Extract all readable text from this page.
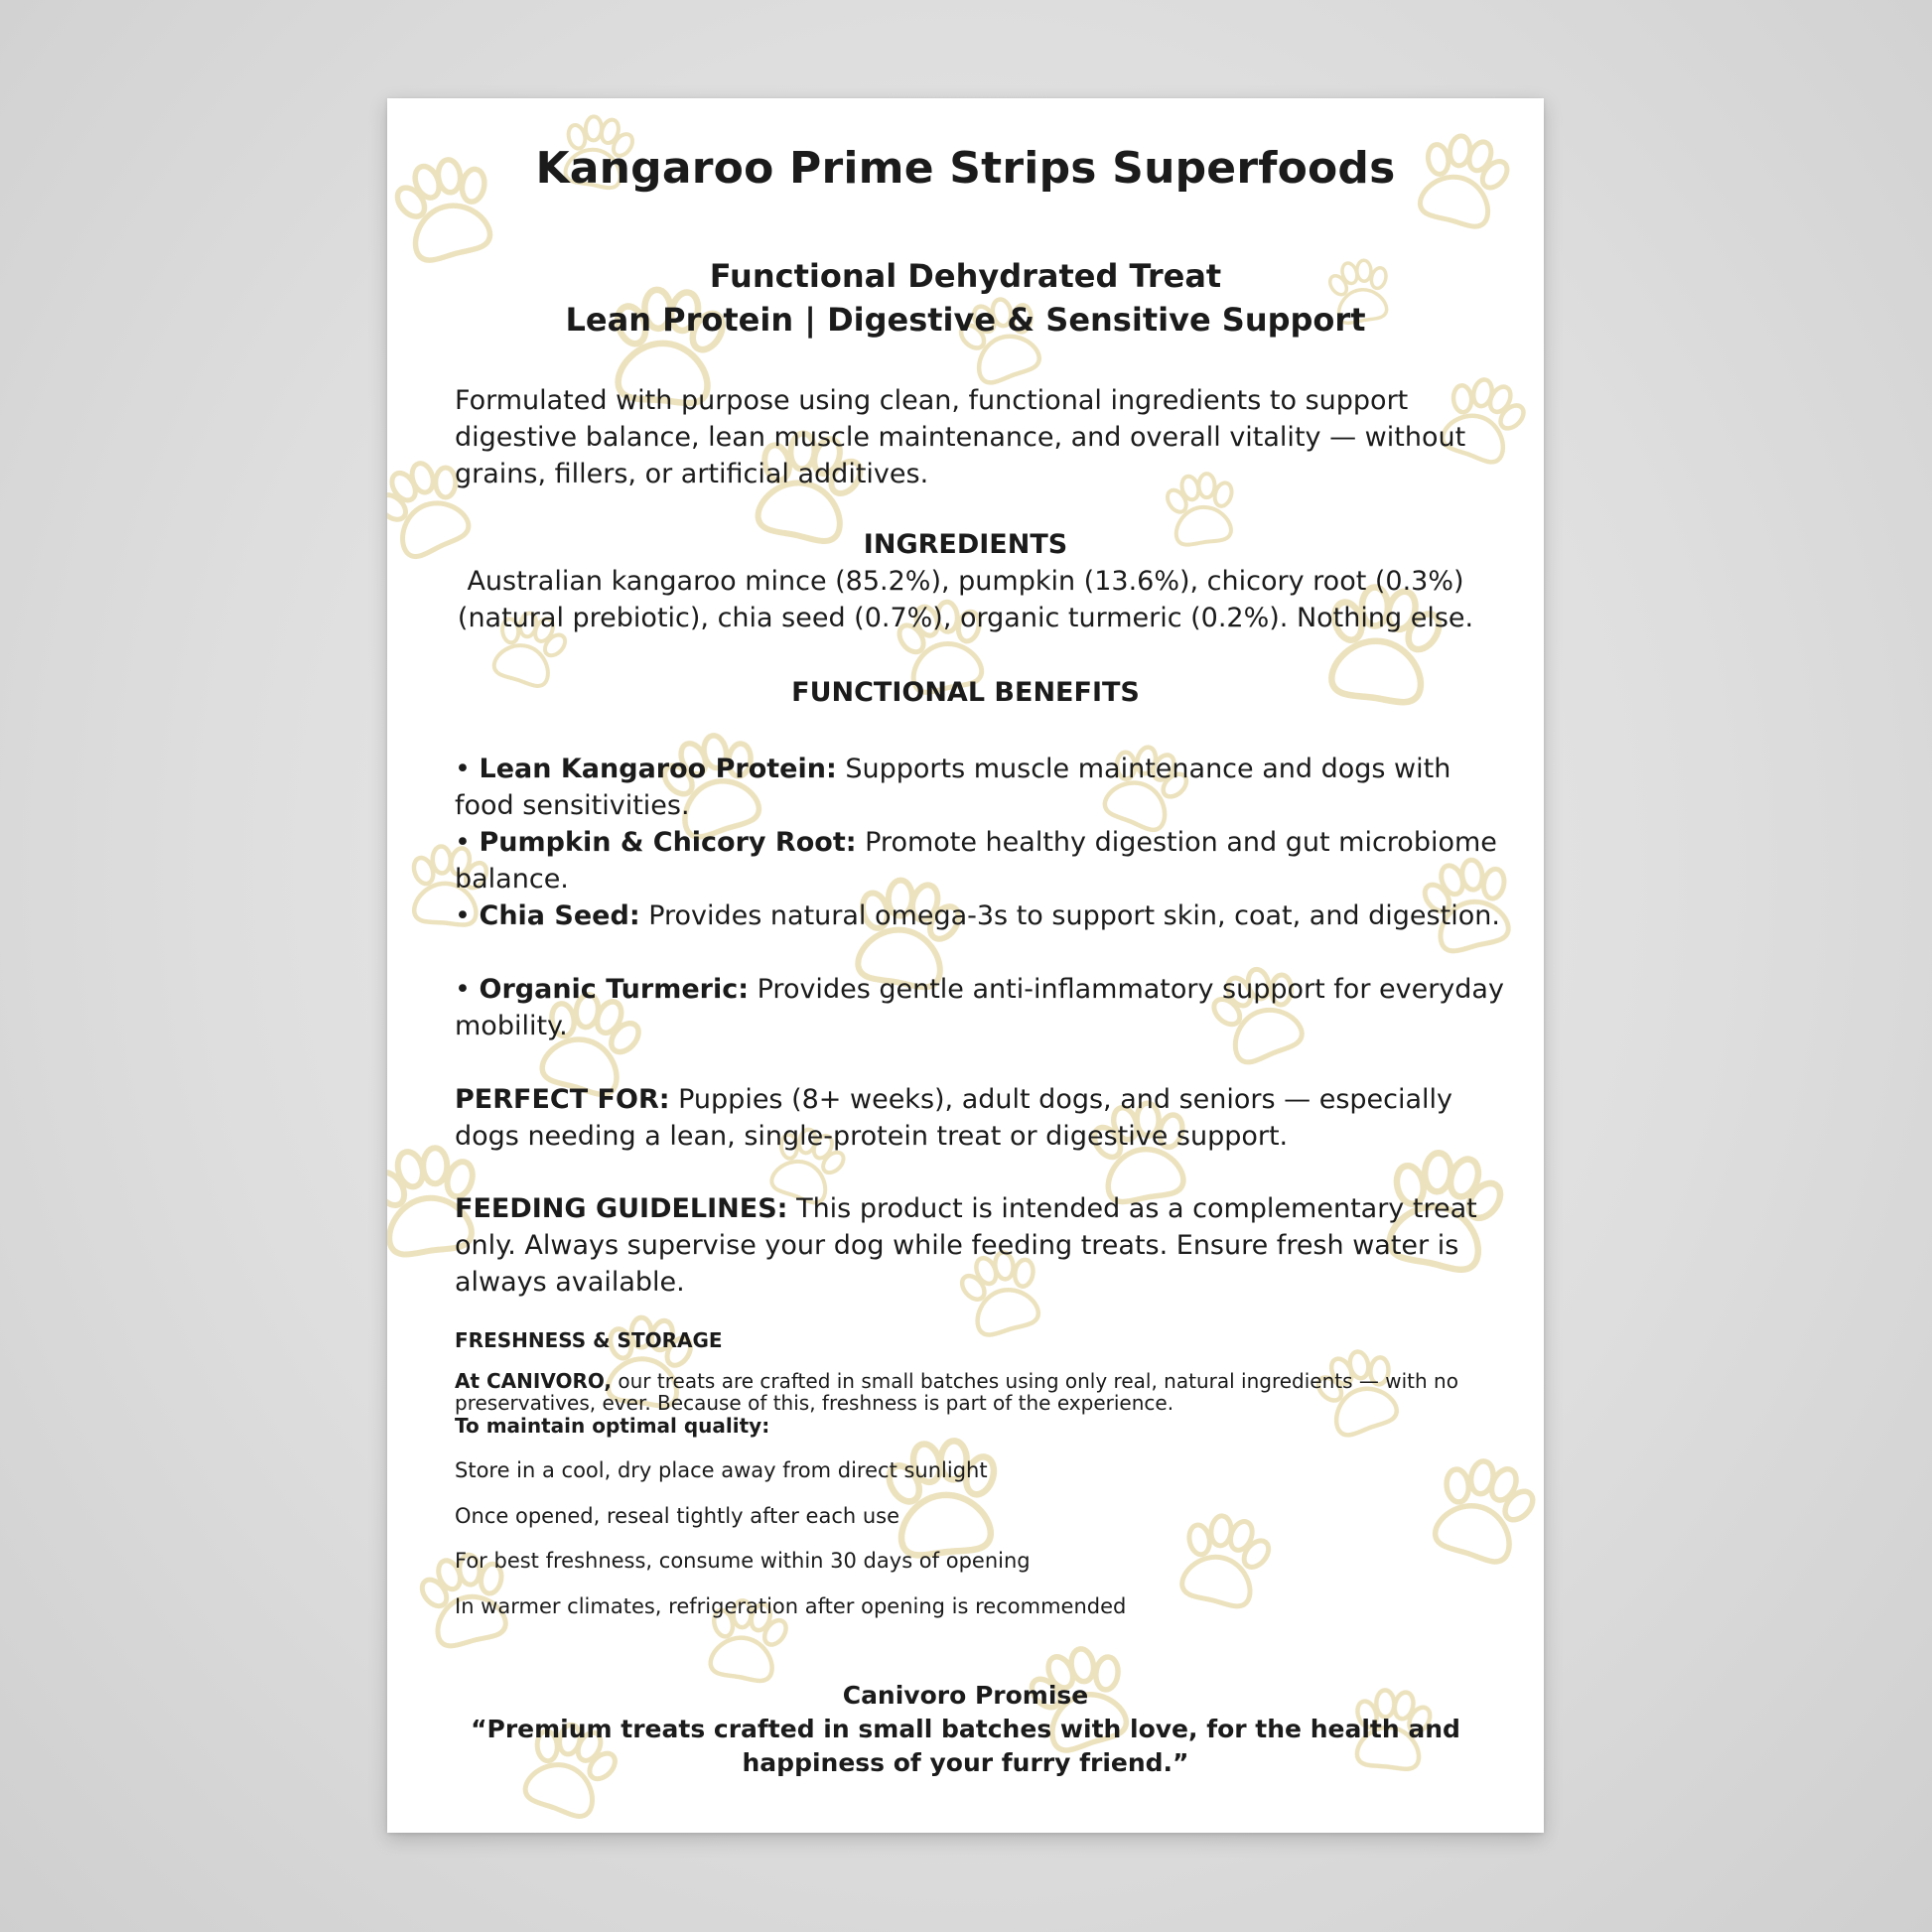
Kangaroo Prime Strips Superfoods
Functional Dehydrated Treat
Lean Protein | Digestive & Sensitive Support

Formulated with purpose using clean, functional ingredients to support digestive balance, lean muscle maintenance, and overall vitality — without grains, fillers, or artificial additives.

INGREDIENTS

Australian kangaroo mince (85.2%), pumpkin (13.6%), chicory root (0.3%) (natural prebiotic), chia seed (0.7%), organic turmeric (0.2%). Nothing else.

FUNCTIONAL BENEFITS

• Lean Kangaroo Protein: Supports muscle maintenance and dogs with food sensitivities.

• Pumpkin & Chicory Root: Promote healthy digestion and gut microbiome balance.

• Chia Seed: Provides natural omega-3s to support skin, coat, and digestion.

• Organic Turmeric: Provides gentle anti-inflammatory support for everyday mobility.

PERFECT FOR: Puppies (8+ weeks), adult dogs, and seniors — especially dogs needing a lean, single-protein treat or digestive support.

FEEDING GUIDELINES: This product is intended as a complementary treat only. Always supervise your dog while feeding treats. Ensure fresh water is always available.

FRESHNESS & STORAGE

At CANIVORO, our treats are crafted in small batches using only real, natural ingredients — with no preservatives, ever. Because of this, freshness is part of the experience.

To maintain optimal quality:
Store in a cool, dry place away from direct sunlight
Once opened, reseal tightly after each use
For best freshness, consume within 30 days of opening
In warmer climates, refrigeration after opening is recommended
Canivoro Promise

“Premium treats crafted in small batches with love, for the health and happiness of your furry friend.”
